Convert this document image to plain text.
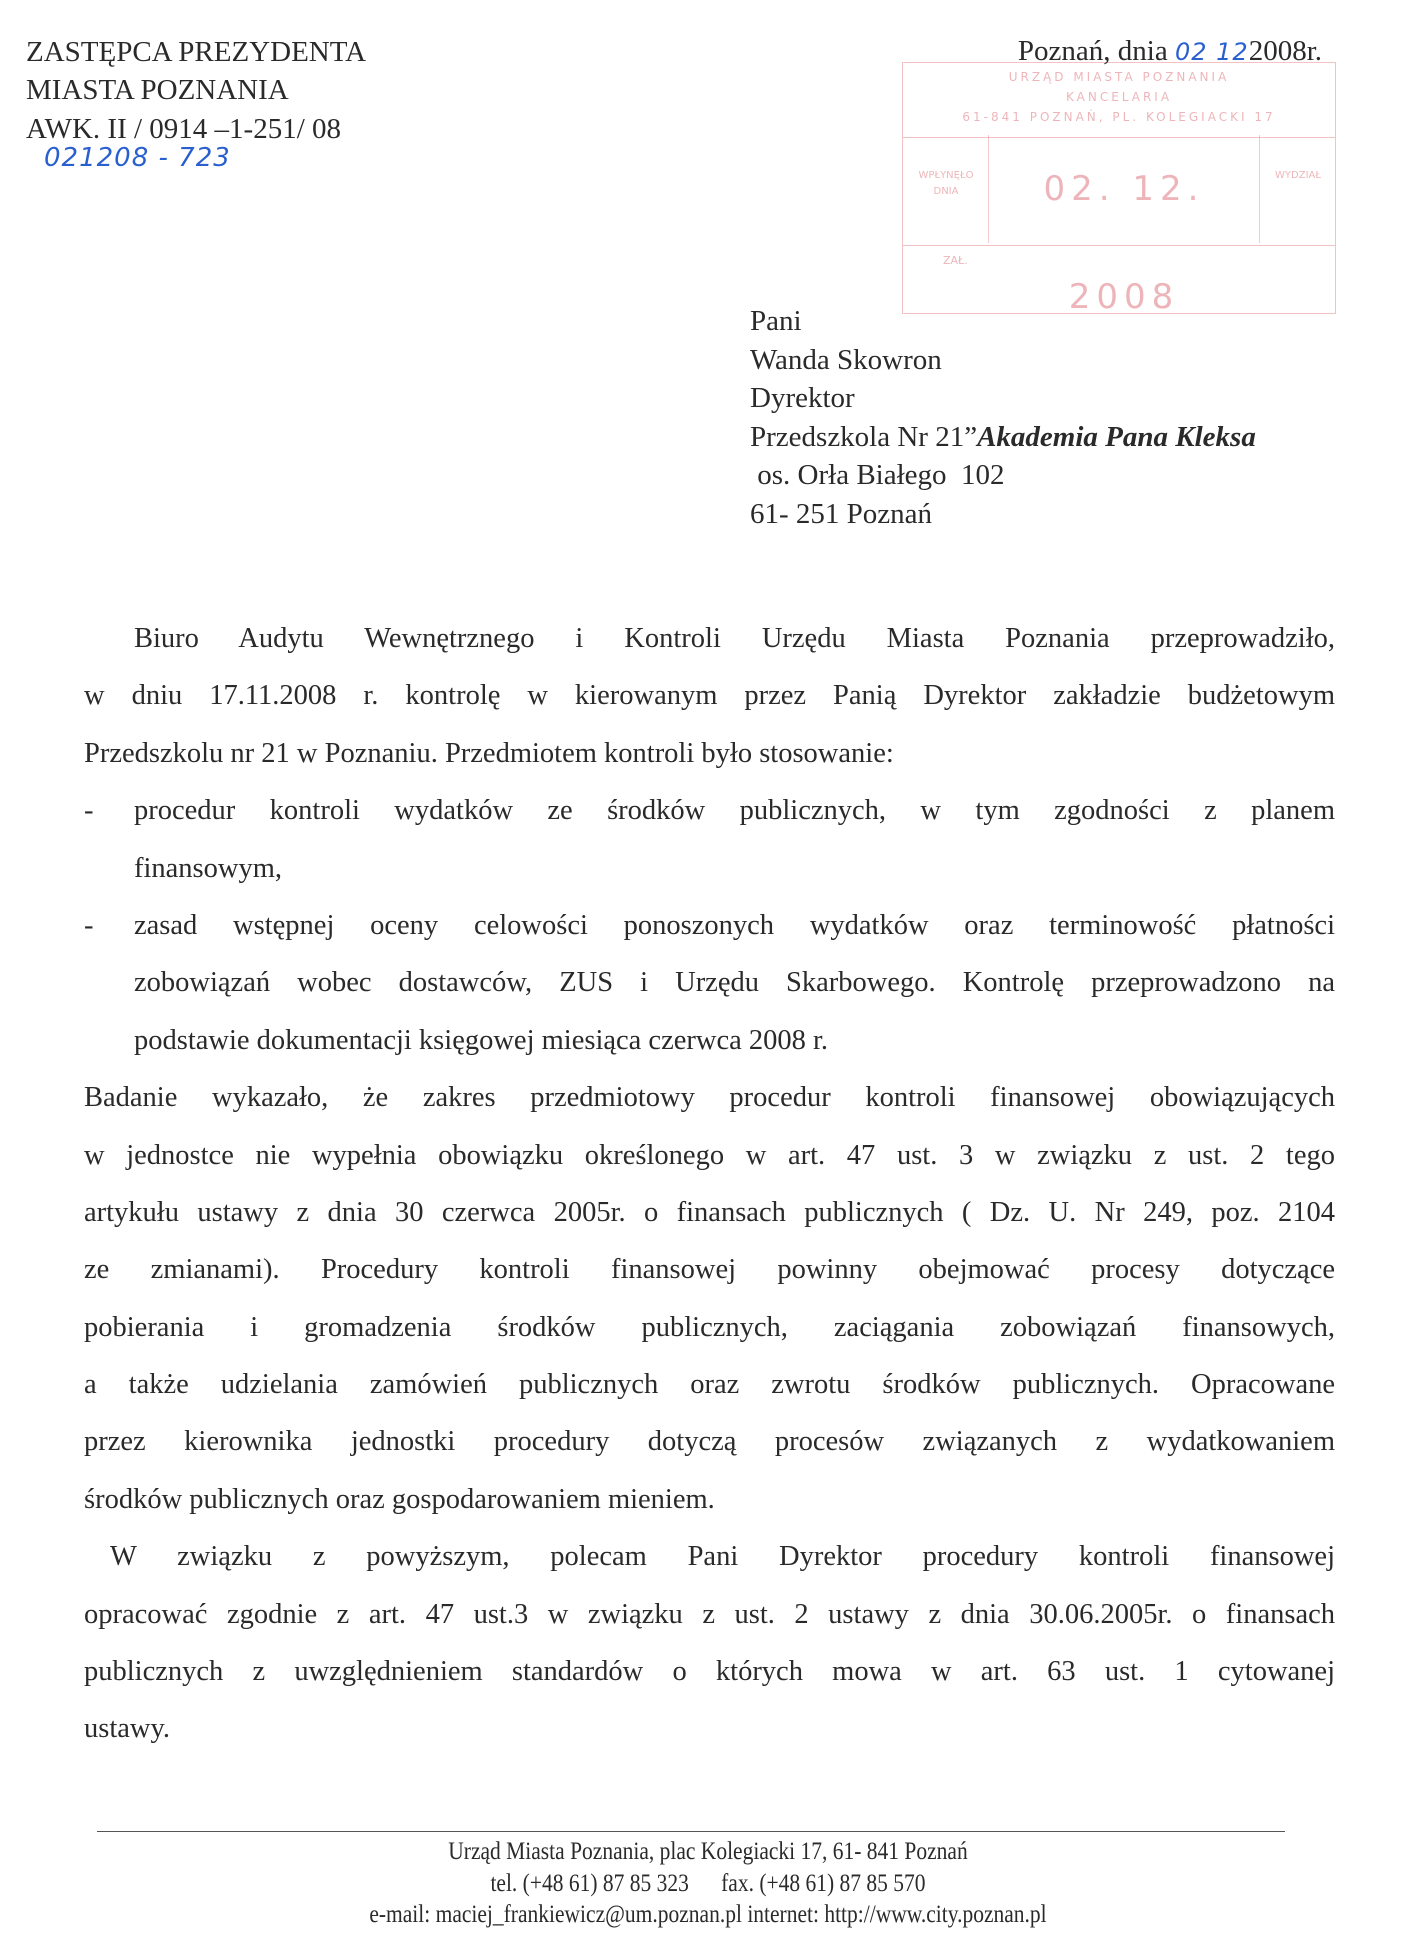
ZASTĘPCA PREZYDENTA
MIASTA POZNANIA
AWK. II / 0914 –1-251/ 08
021208 - 723
URZĄD MIASTA POZNANIA
KANCELARIA
61-841 POZNAŃ, PL. KOLEGIACKI 17
WPŁYNĘŁO DNIA	02. 12. 2008
WYDZIAŁ
ZAŁ.
Poznań, dnia 02 122008r.
Pani
Wanda Skowron
Dyrektor
Przedszkola Nr 21”Akademia Pana Kleksa
os. Orła Białego  102
61- 251 Poznań
Biuro Audytu Wewnętrznego i Kontroli Urzędu Miasta Poznania przeprowadziło,
w dniu 17.11.2008 r. kontrolę w kierowanym przez Panią Dyrektor zakładzie budżetowym
Przedszkolu nr 21 w Poznaniu. Przedmiotem kontroli było stosowanie:
- procedur kontroli wydatków ze środków publicznych, w tym zgodności z planem
finansowym,
- zasad wstępnej oceny celowości ponoszonych wydatków oraz terminowość płatności
zobowiązań wobec dostawców, ZUS i Urzędu Skarbowego. Kontrolę przeprowadzono na
podstawie dokumentacji księgowej miesiąca czerwca 2008 r.
Badanie wykazało, że zakres przedmiotowy procedur kontroli finansowej obowiązujących
w jednostce nie wypełnia obowiązku określonego w art. 47 ust. 3 w związku z ust. 2 tego
artykułu ustawy z dnia 30 czerwca 2005r. o finansach publicznych ( Dz. U. Nr 249, poz. 2104
ze zmianami). Procedury kontroli finansowej powinny obejmować procesy dotyczące
pobierania i gromadzenia środków publicznych, zaciągania zobowiązań finansowych,
a także udzielania zamówień publicznych oraz zwrotu środków publicznych. Opracowane
przez kierownika jednostki procedury dotyczą procesów związanych z wydatkowaniem
środków publicznych oraz gospodarowaniem mieniem.
W związku z powyższym, polecam Pani Dyrektor procedury kontroli finansowej
opracować zgodnie z art. 47 ust.3 w związku z ust. 2 ustawy z dnia 30.06.2005r. o finansach
publicznych z uwzględnieniem standardów o których mowa w art. 63 ust. 1 cytowanej
ustawy.
Urząd Miasta Poznania, plac Kolegiacki 17, 61- 841 Poznań
tel. (+48 61) 87 85 323      fax. (+48 61) 87 85 570
e-mail: maciej_frankiewicz@um.poznan.pl internet: http://www.city.poznan.pl
